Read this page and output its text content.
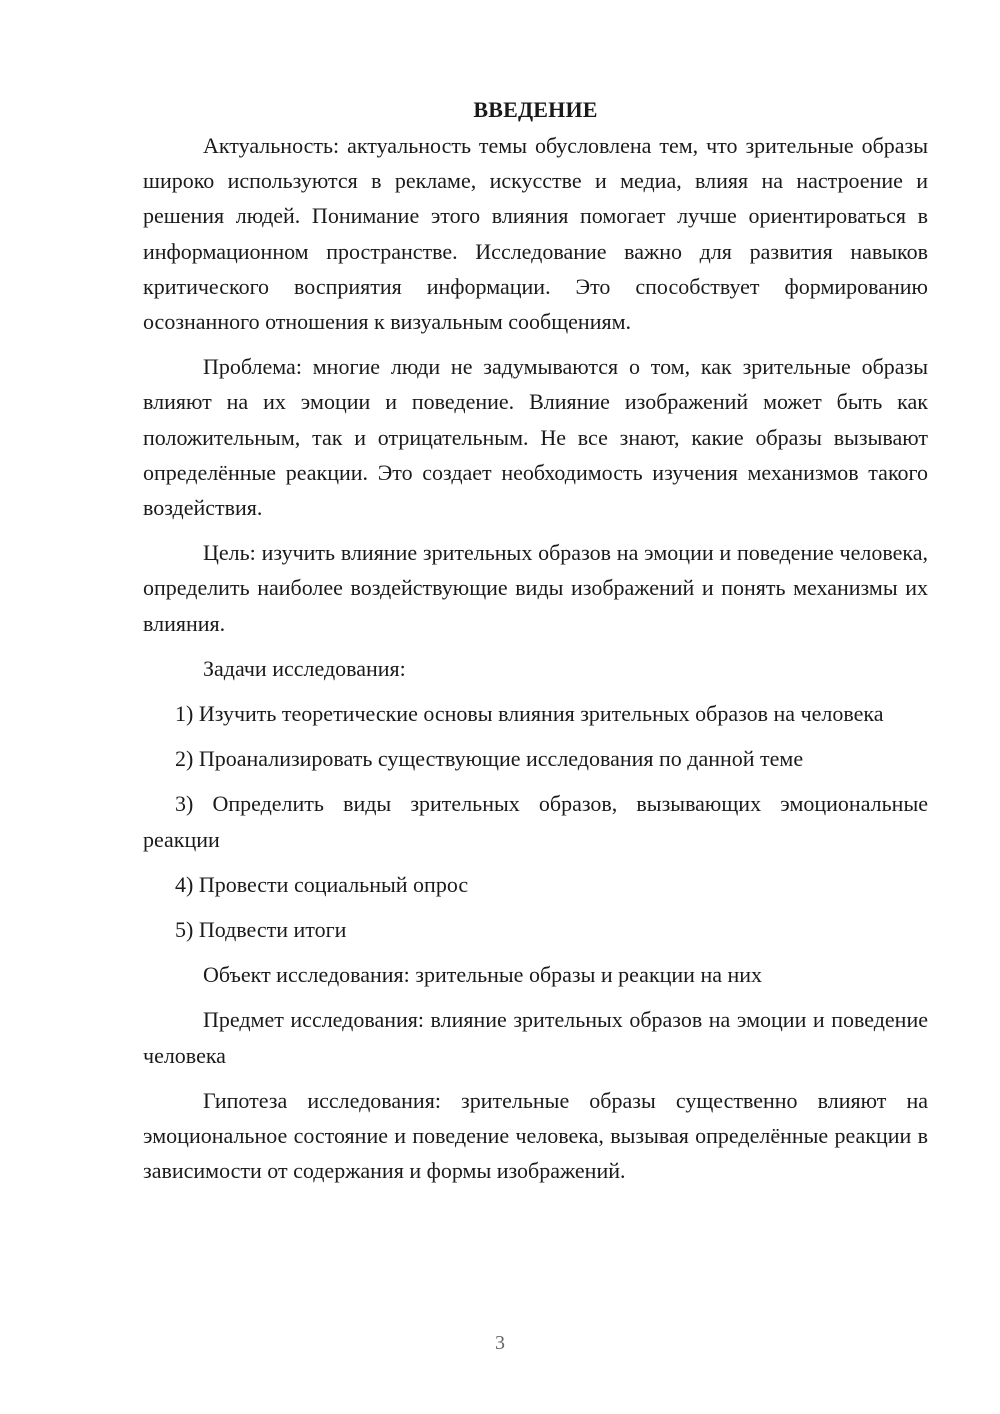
ВВЕДЕНИЕ

Актуальность: актуальность темы обусловлена тем, что зрительные образы широко используются в рекламе, искусстве и медиа, влияя на настроение и решения людей. Понимание этого влияния помогает лучше ориентироваться в информационном пространстве. Исследование важно для развития навыков критического восприятия информации. Это способствует формированию осознанного отношения к визуальным сообщениям.

Проблема: многие люди не задумываются о том, как зрительные образы влияют на их эмоции и поведение. Влияние изображений может быть как положительным, так и отрицательным. Не все знают, какие образы вызывают определённые реакции. Это создает необходимость изучения механизмов такого воздействия.

Цель: изучить влияние зрительных образов на эмоции и поведение человека, определить наиболее воздействующие виды изображений и понять механизмы их влияния.

Задачи исследования:

1) Изучить теоретические основы влияния зрительных образов на человека

2) Проанализировать существующие исследования по данной теме

3) Определить виды зрительных образов, вызывающих эмоциональные реакции

4) Провести социальный опрос

5) Подвести итоги

Объект исследования: зрительные образы и реакции на них

Предмет исследования: влияние зрительных образов на эмоции и поведение человека

Гипотеза исследования: зрительные образы существенно влияют на эмоциональное состояние и поведение человека, вызывая определённые реакции в зависимости от содержания и формы изображений.

3
